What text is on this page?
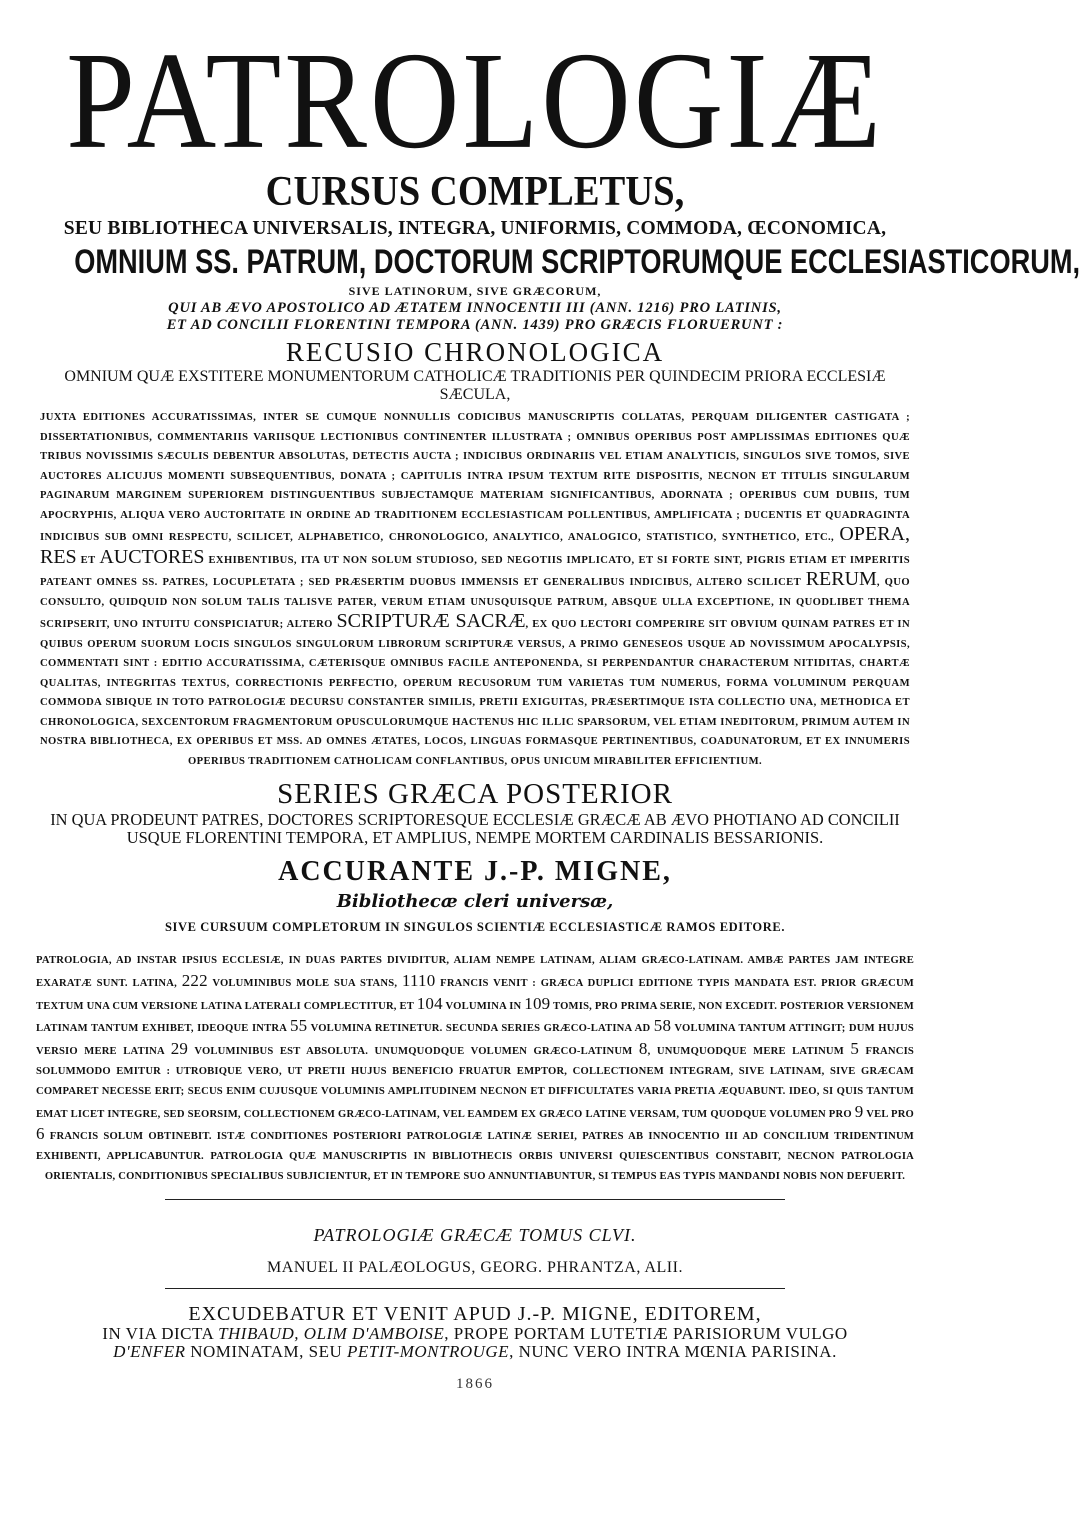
PATROLOGIÆ
CURSUS COMPLETUS,
SEU BIBLIOTHECA UNIVERSALIS, INTEGRA, UNIFORMIS, COMMODA, ŒCONOMICA,
OMNIUM SS. PATRUM, DOCTORUM SCRIPTORUMQUE ECCLESIASTICORUM,
SIVE LATINORUM, SIVE GRÆCORUM,
QUI AB ÆVO APOSTOLICO AD ÆTATEM INNOCENTII III (ANN. 1216) PRO LATINIS,
ET AD CONCILII FLORENTINI TEMPORA (ANN. 1439) PRO GRÆCIS FLORUERUNT :
RECUSIO CHRONOLOGICA
OMNIUM QUÆ EXSTITERE MONUMENTORUM CATHOLICÆ TRADITIONIS PER QUINDECIM PRIORA ECCLESIÆ SÆCULA,
JUXTA EDITIONES ACCURATISSIMAS, INTER SE CUMQUE NONNULLIS CODICIBUS MANUSCRIPTIS COLLATAS, PERQUAM DILIGENTER CASTIGATA ; DISSERTATIONIBUS, COMMENTARIIS VARIISQUE LECTIONIBUS CONTINENTER ILLUSTRATA ; OMNIBUS OPERIBUS POST AMPLISSIMAS EDITIONES QUÆ TRIBUS NOVISSIMIS SÆCULIS DEBENTUR ABSOLUTAS, DETECTIS AUCTA ; INDICIBUS ORDINARIIS VEL ETIAM ANALYTICIS, SINGULOS SIVE TOMOS, SIVE AUCTORES ALICUJUS MOMENTI SUBSEQUENTIBUS, DONATA ; CAPITULIS INTRA IPSUM TEXTUM RITE DISPOSITIS, NECNON ET TITULIS SINGULARUM PAGINARUM MARGINEM SUPERIOREM DISTINGUENTIBUS SUBJECTAMQUE MATERIAM SIGNIFICANTIBUS, ADORNATA ; OPERIBUS CUM DUBIIS, TUM APOCRYPHIS, ALIQUA VERO AUCTORITATE IN ORDINE AD TRADITIONEM ECCLESIASTICAM POLLENTIBUS, AMPLIFICATA ; DUCENTIS ET QUADRAGINTA INDICIBUS SUB OMNI RESPECTU, SCILICET, ALPHABETICO, CHRONOLOGICO, ANALYTICO, ANALOGICO, STATISTICO, SYNTHETICO, ETC., OPERA, RES ET AUCTORES EXHIBENTIBUS, ITA UT NON SOLUM STUDIOSO, SED NEGOTIIS IMPLICATO, ET SI FORTE SINT, PIGRIS ETIAM ET IMPERITIS PATEANT OMNES SS. PATRES, LOCUPLETATA ; SED PRÆSERTIM DUOBUS IMMENSIS ET GENERALIBUS INDICIBUS, ALTERO SCILICET RERUM, QUO CONSULTO, QUIDQUID NON SOLUM TALIS TALISVE PATER, VERUM ETIAM UNUSQUISQUE PATRUM, ABSQUE ULLA EXCEPTIONE, IN QUODLIBET THEMA SCRIPSERIT, UNO INTUITU CONSPICIATUR; ALTERO SCRIPTURÆ SACRÆ, EX QUO LECTORI COMPERIRE SIT OBVIUM QUINAM PATRES ET IN QUIBUS OPERUM SUORUM LOCIS SINGULOS SINGULORUM LIBRORUM SCRIPTURÆ VERSUS, A PRIMO GENESEOS USQUE AD NOVISSIMUM APOCALYPSIS, COMMENTATI SINT : EDITIO ACCURATISSIMA, CÆTERISQUE OMNIBUS FACILE ANTEPONENDA, SI PERPENDANTUR CHARACTERUM NITIDITAS, CHARTÆ QUALITAS, INTEGRITAS TEXTUS, CORRECTIONIS PERFECTIO, OPERUM RECUSORUM TUM VARIETAS TUM NUMERUS, FORMA VOLUMINUM PERQUAM COMMODA SIBIQUE IN TOTO PATROLOGIÆ DECURSU CONSTANTER SIMILIS, PRETII EXIGUITAS, PRÆSERTIMQUE ISTA COLLECTIO UNA, METHODICA ET CHRONOLOGICA, SEXCENTORUM FRAGMENTORUM OPUSCULORUMQUE HACTENUS HIC ILLIC SPARSORUM, VEL ETIAM INEDITORUM, PRIMUM AUTEM IN NOSTRA BIBLIOTHECA, EX OPERIBUS ET MSS. AD OMNES ÆTATES, LOCOS, LINGUAS FORMASQUE PERTINENTIBUS, COADUNATORUM, ET EX INNUMERIS OPERIBUS TRADITIONEM CATHOLICAM CONFLANTIBUS, OPUS UNICUM MIRABILITER EFFICIENTIUM.
SERIES GRÆCA POSTERIOR
IN QUA PRODEUNT PATRES, DOCTORES SCRIPTORESQUE ECCLESIÆ GRÆCÆ AB ÆVO PHOTIANO AD CONCILII USQUE FLORENTINI TEMPORA, ET AMPLIUS, NEMPE MORTEM CARDINALIS BESSARIONIS.
ACCURANTE J.-P. MIGNE,
Bibliothecæ cleri universæ,
SIVE CURSUUM COMPLETORUM IN SINGULOS SCIENTIÆ ECCLESIASTICÆ RAMOS EDITORE.
PATROLOGIA, AD INSTAR IPSIUS ECCLESIÆ, IN DUAS PARTES DIVIDITUR, ALIAM NEMPE LATINAM, ALIAM GRÆCO-LATINAM. AMBÆ PARTES JAM INTEGRE EXARATÆ SUNT. LATINA, 222 VOLUMINIBUS MOLE SUA STANS, 1110 FRANCIS VENIT : GRÆCA DUPLICI EDITIONE TYPIS MANDATA EST. PRIOR GRÆCUM TEXTUM UNA CUM VERSIONE LATINA LATERALI COMPLECTITUR, ET 104 VOLUMINA IN 109 TOMIS, PRO PRIMA SERIE, NON EXCEDIT. POSTERIOR VERSIONEM LATINAM TANTUM EXHIBET, IDEOQUE INTRA 55 VOLUMINA RETINETUR. SECUNDA SERIES GRÆCO-LATINA AD 58 VOLUMINA TANTUM ATTINGIT; DUM HUJUS VERSIO MERE LATINA 29 VOLUMINIBUS EST ABSOLUTA. UNUMQUODQUE VOLUMEN GRÆCO-LATINUM 8, UNUMQUODQUE MERE LATINUM 5 FRANCIS SOLUMMODO EMITUR : UTROBIQUE VERO, UT PRETII HUJUS BENEFICIO FRUATUR EMPTOR, COLLECTIONEM INTEGRAM, SIVE LATINAM, SIVE GRÆCAM COMPARET NECESSE ERIT; SECUS ENIM CUJUSQUE VOLUMINIS AMPLITUDINEM NECNON ET DIFFICULTATES VARIA PRETIA ÆQUABUNT. IDEO, SI QUIS TANTUM EMAT LICET INTEGRE, SED SEORSIM, COLLECTIONEM GRÆCO-LATINAM, VEL EAMDEM EX GRÆCO LATINE VERSAM, TUM QUODQUE VOLUMEN PRO 9 VEL PRO 6 FRANCIS SOLUM OBTINEBIT. ISTÆ CONDITIONES POSTERIORI PATROLOGIÆ LATINÆ SERIEI, PATRES AB INNOCENTIO III AD CONCILIUM TRIDENTINUM EXHIBENTI, APPLICABUNTUR. PATROLOGIA QUÆ MANUSCRIPTIS IN BIBLIOTHECIS ORBIS UNIVERSI QUIESCENTIBUS CONSTABIT, NECNON PATROLOGIA ORIENTALIS, CONDITIONIBUS SPECIALIBUS SUBJICIENTUR, ET IN TEMPORE SUO ANNUNTIABUNTUR, SI TEMPUS EAS TYPIS MANDANDI NOBIS NON DEFUERIT.
PATROLOGIÆ GRÆCÆ TOMUS CLVI.
MANUEL II PALÆOLOGUS, GEORG. PHRANTZA, ALII.
EXCUDEBATUR ET VENIT APUD J.-P. MIGNE, EDITOREM,
IN VIA DICTA THIBAUD, OLIM D'AMBOISE, PROPE PORTAM LUTETIÆ PARISIORUM VULGO
D'ENFER NOMINATAM, SEU PETIT-MONTROUGE, NUNC VERO INTRA MŒNIA PARISINA.
1866
